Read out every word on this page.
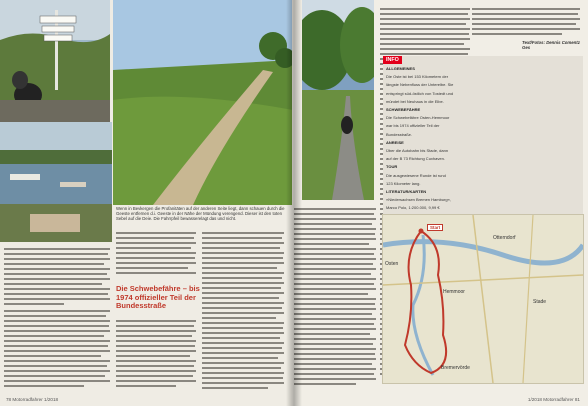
Wenn in Bevkergen die Profanitäten auf der anderen Seite liegt, dann schauen durch die Geeste entfernen d.i. Geeste in der Nähe der Mündung verengend. Dieser ist den toten Sebel auf die Deie. Die Fahrrpfeil bewasserelagt das und nicht.
Die Schwebefähre – bis 1974 offizieller Teil der Bundesstraße
78 Motorradfahrer 1/2018
Text/Fotos: Dennis Comentz Ges
1/2018 Motorradfahrer 81
INFO
ALLGEMEINES
Die Oste ist bei 153 Kilometern der
längste Nebenfluss der Unterelbe. Sie
entspringt süd-östlich von Tostedt und
mündet bei Neuhaus in die Elbe.
SCHWEBEFÄHRE
Die Schwebefähre Osten-Hemmoor
war bis 1974 offizieller Teil der
Bundesstraße.
ANREISE
Über die Autobahn bis Stade, dann
auf der B 73 Richtung Cuxhaven.
TOUR
Die ausgewiesene Runde ist rund
123 Kilometer lang.
LITERATUR/KARTEN
»Niedersachsen Bremen Hamburg«,
Marco Polo, 1:200.000, 9,99 €
Start
Otterndorf
Hemmoor
Bremervörde
Osten
Stade
